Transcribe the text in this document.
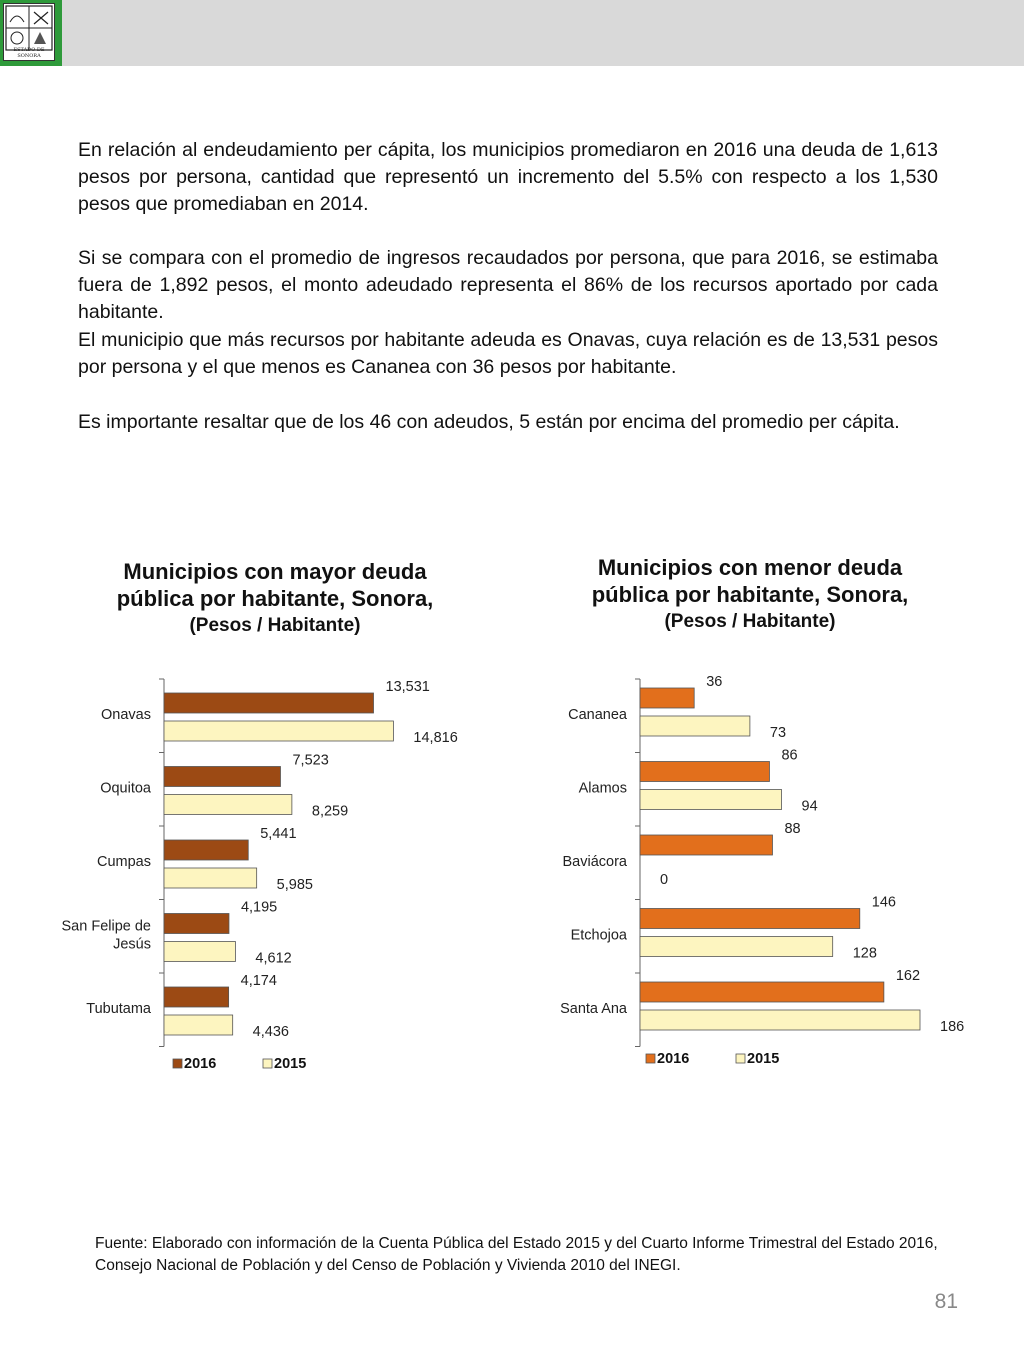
ESTADO DE SONORA

En relación al endeudamiento per cápita, los municipios promediaron en 2016 una deuda de 1,613 pesos por persona, cantidad que representó un incremento del 5.5% con respecto a los 1,530 pesos que promediaban en 2014.

Si se compara con el promedio de ingresos recaudados por persona, que para 2016, se estimaba fuera de 1,892 pesos, el monto adeudado representa el 86% de los recursos aportado por cada habitante.

El municipio que más recursos por habitante adeuda es Onavas, cuya relación es de 13,531 pesos por persona y el que menos es Cananea con 36 pesos por habitante.

Es importante resaltar que de los 46 con adeudos, 5 están por encima del promedio per cápita.

Municipios con mayor deuda
pública por habitante, Sonora,
(Pesos / Habitante)
Municipios con menor deuda
pública por habitante, Sonora,
(Pesos / Habitante)
Onavas
13,531
14,816
Oquitoa
7,523
8,259
Cumpas
5,441
5,985
San Felipe de
Jesús
4,195
4,612
Tubutama
4,174
4,436
2016	2015
Cananea
36
73
Alamos
86
94
Baviácora
88
0
Etchojoa
146
128
Santa Ana
162
186
2016	2015
Fuente: Elaborado con información de la Cuenta Pública del Estado 2015 y del Cuarto Informe Trimestral del Estado 2016, Consejo Nacional de Población y del Censo de Población y Vivienda 2010 del INEGI.
81
